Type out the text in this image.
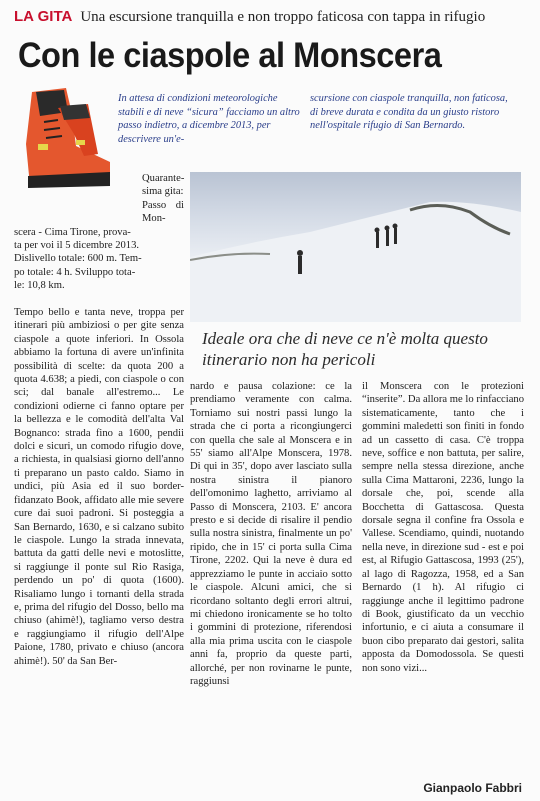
LA GITA Una escursione tranquilla e non troppo faticosa con tappa in rifugio
Con le ciaspole al Monscera
In attesa di condizioni meteorologiche stabili e di neve “sicura” facciamo un altro passo indietro, a dicembre 2013, per descrivere un'e-
scursione con ciaspole tranquilla, non faticosa, di breve durata e condita da un giusto ristoro nell'ospitale rifugio di San Bernardo.

Quarante-

sima gita:

Passo di Mon-

scera - Cima Tirone, prova-

ta per voi il 5 dicembre 2013.

Dislivello totale: 600 m. Tem-

po totale: 4 h. Sviluppo tota-

le: 10,8 km.

Ideale ora che di neve ce n'è molta questo itinerario non ha pericoli
Tempo bello e tanta neve, troppa per itinerari più ambiziosi o per gite senza ciaspole a quote inferiori. In Ossola abbiamo la fortuna di avere un'infinita possibilità di scelte: da quota 200 a quota 4.638; a piedi, con ciaspole o con sci; dal banale all'estremo... Le condizioni odierne ci fanno optare per la bellezza e le comodità dell'alta Val Bognanco: strada fino a 1600, pendii dolci e sicuri, un comodo rifugio dove, a richiesta, in qualsiasi giorno dell'anno ti preparano un pasto caldo. Siamo in undici, più Asia ed il suo border-fidanzato Book, affidato alle mie severe cure dai suoi padroni. Si posteggia a San Bernardo, 1630, e si calzano subito le ciaspole. Lungo la strada innevata, battuta da gatti delle nevi e motoslitte, si raggiunge il ponte sul Rio Rasiga, perdendo un po' di quota (1600). Risaliamo lungo i tornanti della strada e, prima del rifugio del Dosso, bello ma chiuso (ahimè!), tagliamo verso destra e raggiungiamo il rifugio dell'Alpe Paione, 1780, privato e chiuso (ancora ahimè!). 50' da San Ber-
nardo e pausa colazione: ce la prendiamo veramente con calma. Torniamo sui nostri passi lungo la strada che ci porta a ricongiungerci con quella che sale al Monscera e in 55' siamo all'Alpe Monscera, 1978. Di qui in 35', dopo aver lasciato sulla nostra sinistra il pianoro dell'omonimo laghetto, arriviamo al Passo di Monscera, 2103. E' ancora presto e si decide di risalire il pendio sulla nostra sinistra, finalmente un po' ripido, che in 15' ci porta sulla Cima Tirone, 2202. Qui la neve è dura ed apprezziamo le punte in acciaio sotto le ciaspole. Alcuni amici, che si ricordano soltanto degli errori altrui, mi chiedono ironicamente se ho tolto i gommini di protezione, riferendosi alla mia prima uscita con le ciaspole anni fa, proprio da queste parti, allorché, per non rovinarne le punte, raggiunsi
il Monscera con le protezioni “inserite”. Da allora me lo rinfacciano sistematicamente, tanto che i gommini maledetti son finiti in fondo ad un cassetto di casa. C'è troppa neve, soffice e non battuta, per salire, sempre nella stessa direzione, anche sulla Cima Mattaroni, 2236, lungo la dorsale che, poi, scende alla Bocchetta di Gattascosa. Questa dorsale segna il confine fra Ossola e Vallese. Scendiamo, quindi, nuotando nella neve, in direzione sud - est e poi est, al Rifugio Gattascosa, 1993 (25'), al lago di Ragozza, 1958, ed a San Bernardo (1 h). Al rifugio ci raggiunge anche il legittimo padrone di Book, giustificato da un vecchio infortunio, e ci aiuta a consumare il buon cibo preparato dai gestori, salita apposta da Domodossola. Se questi non sono vizi...
Gianpaolo Fabbri
